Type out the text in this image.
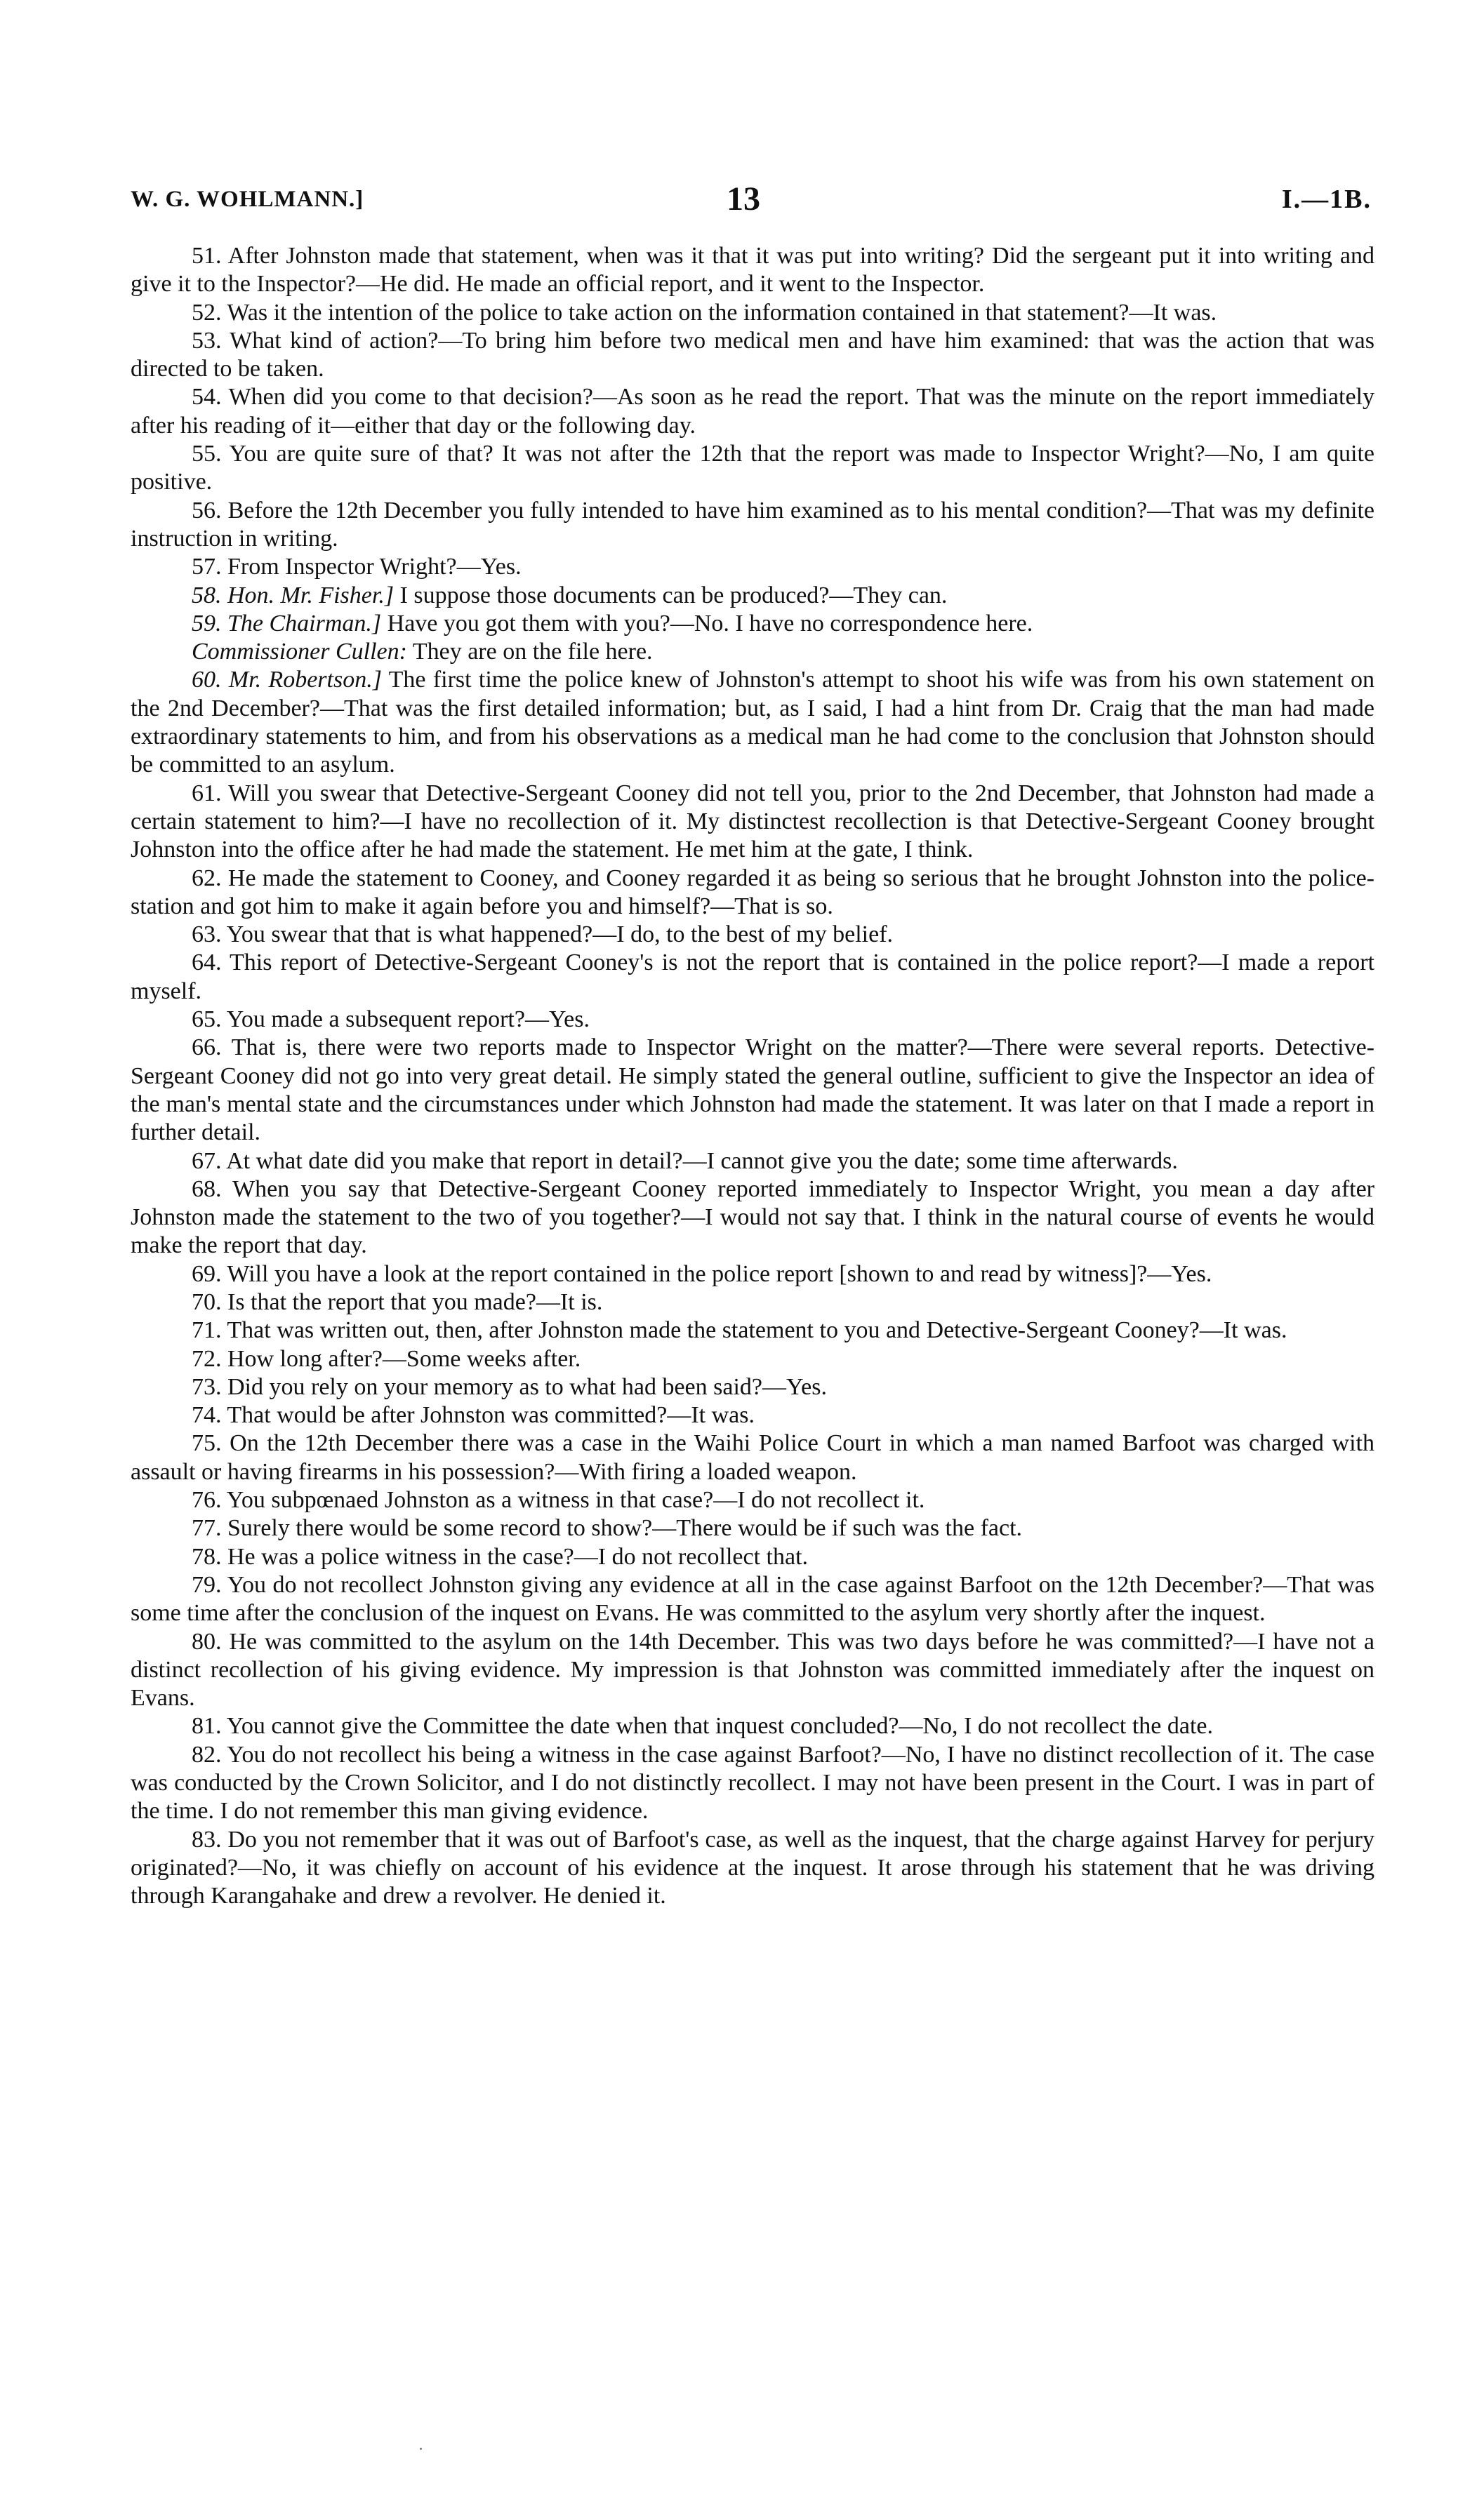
W. G. WOHLMANN.]	13	I.—1B.

51. After Johnston made that statement, when was it that it was put into writing? Did the sergeant put it into writing and give it to the Inspector?—He did. He made an official report, and it went to the Inspector.

52. Was it the intention of the police to take action on the information contained in that statement?—It was.

53. What kind of action?—To bring him before two medical men and have him examined: that was the action that was directed to be taken.

54. When did you come to that decision?—As soon as he read the report. That was the minute on the report immediately after his reading of it—either that day or the following day.

55. You are quite sure of that? It was not after the 12th that the report was made to Inspector Wright?—No, I am quite positive.

56. Before the 12th December you fully intended to have him examined as to his mental condition?—That was my definite instruction in writing.

57. From Inspector Wright?—Yes.

58. Hon. Mr. Fisher.] I suppose those documents can be produced?—They can.

59. The Chairman.] Have you got them with you?—No. I have no correspondence here.

Commissioner Cullen: They are on the file here.

60. Mr. Robertson.] The first time the police knew of Johnston's attempt to shoot his wife was from his own statement on the 2nd December?—That was the first detailed information; but, as I said, I had a hint from Dr. Craig that the man had made extraordinary statements to him, and from his observations as a medical man he had come to the conclusion that Johnston should be committed to an asylum.

61. Will you swear that Detective-Sergeant Cooney did not tell you, prior to the 2nd December, that Johnston had made a certain statement to him?—I have no recollection of it. My distinctest recollection is that Detective-Sergeant Cooney brought Johnston into the office after he had made the statement. He met him at the gate, I think.

62. He made the statement to Cooney, and Cooney regarded it as being so serious that he brought Johnston into the police-station and got him to make it again before you and himself?—That is so.

63. You swear that that is what happened?—I do, to the best of my belief.

64. This report of Detective-Sergeant Cooney's is not the report that is contained in the police report?—I made a report myself.

65. You made a subsequent report?—Yes.

66. That is, there were two reports made to Inspector Wright on the matter?—There were several reports. Detective-Sergeant Cooney did not go into very great detail. He simply stated the general outline, sufficient to give the Inspector an idea of the man's mental state and the circumstances under which Johnston had made the statement. It was later on that I made a report in further detail.

67. At what date did you make that report in detail?—I cannot give you the date; some time afterwards.

68. When you say that Detective-Sergeant Cooney reported immediately to Inspector Wright, you mean a day after Johnston made the statement to the two of you together?—I would not say that. I think in the natural course of events he would make the report that day.

69. Will you have a look at the report contained in the police report [shown to and read by witness]?—Yes.

70. Is that the report that you made?—It is.

71. That was written out, then, after Johnston made the statement to you and Detective-Sergeant Cooney?—It was.

72. How long after?—Some weeks after.

73. Did you rely on your memory as to what had been said?—Yes.

74. That would be after Johnston was committed?—It was.

75. On the 12th December there was a case in the Waihi Police Court in which a man named Barfoot was charged with assault or having firearms in his possession?—With firing a loaded weapon.

76. You subpœnaed Johnston as a witness in that case?—I do not recollect it.

77. Surely there would be some record to show?—There would be if such was the fact.

78. He was a police witness in the case?—I do not recollect that.

79. You do not recollect Johnston giving any evidence at all in the case against Barfoot on the 12th December?—That was some time after the conclusion of the inquest on Evans. He was committed to the asylum very shortly after the inquest.

80. He was committed to the asylum on the 14th December. This was two days before he was committed?—I have not a distinct recollection of his giving evidence. My impression is that Johnston was committed immediately after the inquest on Evans.

81. You cannot give the Committee the date when that inquest concluded?—No, I do not recollect the date.

82. You do not recollect his being a witness in the case against Barfoot?—No, I have no distinct recollection of it. The case was conducted by the Crown Solicitor, and I do not distinctly recollect. I may not have been present in the Court. I was in part of the time. I do not remember this man giving evidence.

83. Do you not remember that it was out of Barfoot's case, as well as the inquest, that the charge against Harvey for perjury originated?—No, it was chiefly on account of his evidence at the inquest. It arose through his statement that he was driving through Karangahake and drew a revolver. He denied it.
